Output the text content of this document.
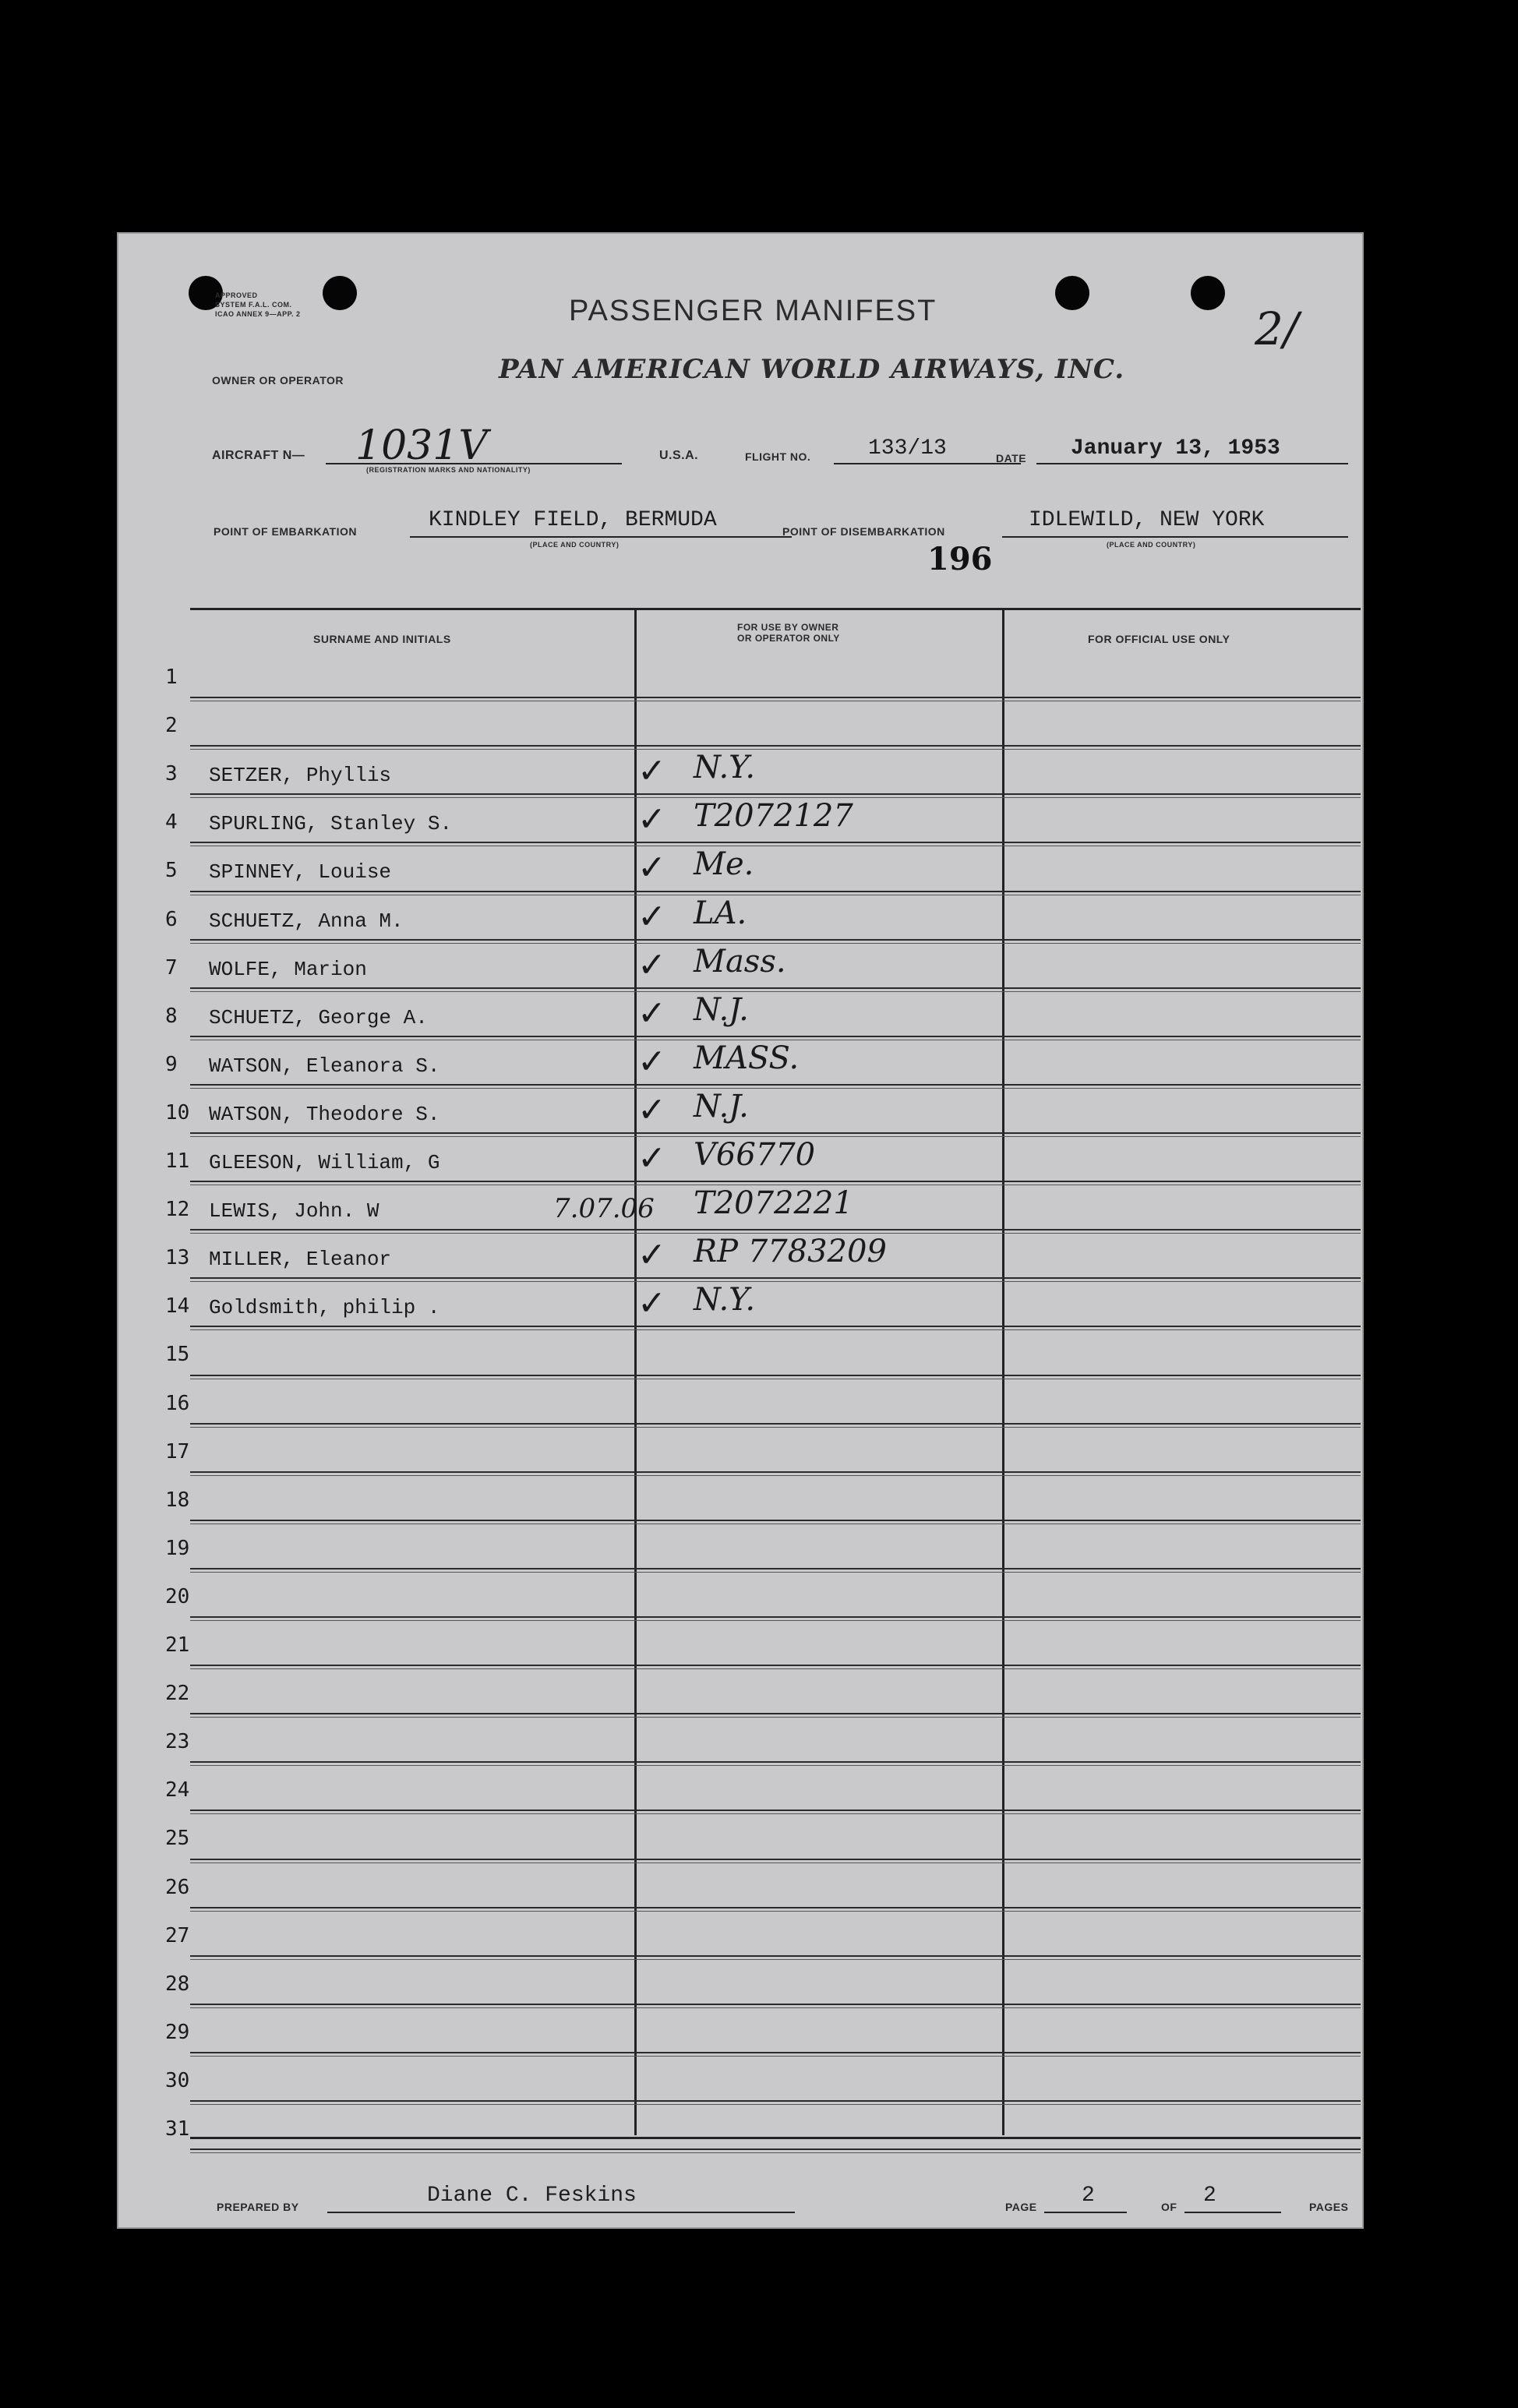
APPROVED
SYSTEM F.A.L. COM.
ICAO ANNEX 9—APP. 2	PASSENGER MANIFEST	2/
OWNER OR OPERATOR	PAN AMERICAN WORLD AIRWAYS, INC.
AIRCRAFT N— 1031V
(REGISTRATION MARKS AND NATIONALITY)
U.S.A.	FLIGHT NO.	133/13	DATE January 13, 1953
POINT OF EMBARKATION	KINDLEY FIELD, BERMUDA
(PLACE AND COUNTRY)
POINT OF DISEMBARKATION	IDLEWILD, NEW YORK
(PLACE AND COUNTRY)
196
SURNAME AND INITIALS
FOR USE BY OWNER
OR OPERATOR ONLY	FOR OFFICIAL USE ONLY
1
2
3	SETZER, Phyllis	✓ N.Y.
4	SPURLING, Stanley S.	✓ T2072127
5	SPINNEY, Louise	✓ Me.
6	SCHUETZ, Anna M.	✓ LA.
7	WOLFE, Marion	✓ Mass.
8	SCHUETZ, George A.	✓ N.J.
9	WATSON, Eleanora S.	✓ MASS.
10 WATSON, Theodore S.	✓ N.J.
11 GLEESON, William, G	✓ V66770
12 LEWIS, John. W	7.07.06 T2072221
13 MILLER, Eleanor	✓ RP 7783209
14 Goldsmith, philip .	✓ N.Y.
15
16
17
18
19
20
21
22
23
24
25
26
27
28
29
30
31
PREPARED BY	Diane C. Feskins	PAGE 2	OF 2	PAGES
